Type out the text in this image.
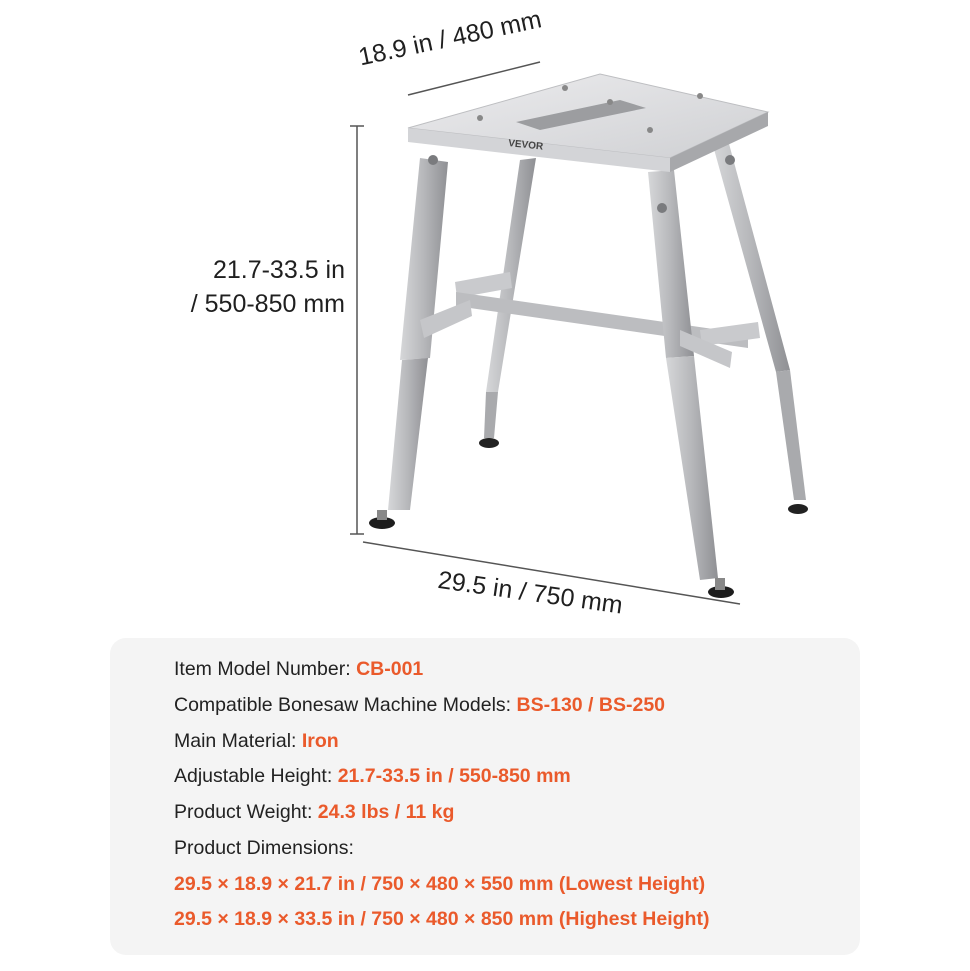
VEVOR
18.9 in / 480 mm
21.7-33.5 in
/ 550-850 mm
29.5 in / 750 mm
Item Model Number: CB-001
Compatible Bonesaw Machine Models: BS-130 / BS-250
Main Material: Iron
Adjustable Height: 21.7-33.5 in / 550-850 mm
Product Weight: 24.3 lbs / 11 kg
Product Dimensions:
29.5 × 18.9 × 21.7 in / 750 × 480 × 550 mm (Lowest Height)
29.5 × 18.9 × 33.5 in / 750 × 480 × 850 mm (Highest Height)
